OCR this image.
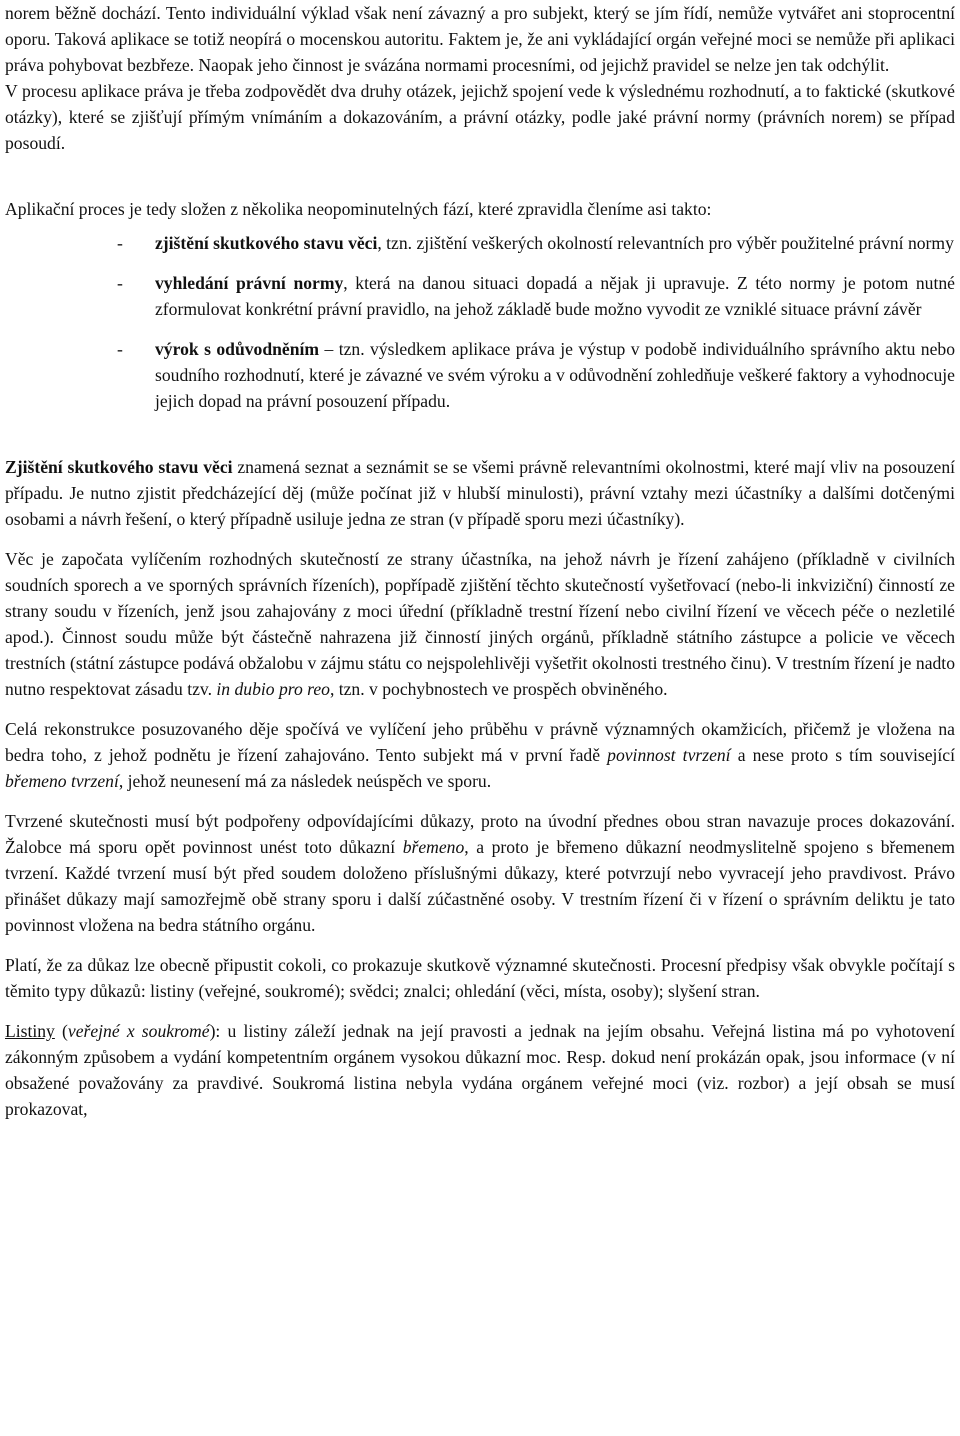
norem běžně dochází. Tento individuální výklad však není závazný a pro subjekt, který se jím řídí, nemůže vytvářet ani stoprocentní oporu. Taková aplikace se totiž neopírá o mocenskou autoritu. Faktem je, že ani vykládající orgán veřejné moci se nemůže při aplikaci práva pohybovat bezbřeze. Naopak jeho činnost je svázána normami procesními, od jejichž pravidel se nelze jen tak odchýlit.

V procesu aplikace práva je třeba zodpovědět dva druhy otázek, jejichž spojení vede k výslednému rozhodnutí, a to faktické (skutkové otázky), které se zjišťují přímým vnímáním a dokazováním, a právní otázky, podle jaké právní normy (právních norem) se případ posoudí.

Aplikační proces je tedy složen z několika neopominutelných fází, které zpravidla členíme asi takto:

- zjištění skutkového stavu věci, tzn. zjištění veškerých okolností relevantních pro výběr použitelné právní normy
- vyhledání právní normy, která na danou situaci dopadá a nějak ji upravuje. Z této normy je potom nutné zformulovat konkrétní právní pravidlo, na jehož základě bude možno vyvodit ze vzniklé situace právní závěr
- výrok s odůvodněním – tzn. výsledkem aplikace práva je výstup v podobě individuálního správního aktu nebo soudního rozhodnutí, které je závazné ve svém výroku a v odůvodnění zohledňuje veškeré faktory a vyhodnocuje jejich dopad na právní posouzení případu.

Zjištění skutkového stavu věci znamená seznat a seznámit se se všemi právně relevantními okolnostmi, které mají vliv na posouzení případu. Je nutno zjistit předcházející děj (může počínat již v hlubší minulosti), právní vztahy mezi účastníky a dalšími dotčenými osobami a návrh řešení, o který případně usiluje jedna ze stran (v případě sporu mezi účastníky).

Věc je započata vylíčením rozhodných skutečností ze strany účastníka, na jehož návrh je řízení zahájeno (příkladně v civilních soudních sporech a ve sporných správních řízeních), popřípadě zjištění těchto skutečností vyšetřovací (nebo-li inkviziční) činností ze strany soudu v řízeních, jenž jsou zahajovány z moci úřední (příkladně trestní řízení nebo civilní řízení ve věcech péče o nezletilé apod.). Činnost soudu může být částečně nahrazena již činností jiných orgánů, příkladně státního zástupce a policie ve věcech trestních (státní zástupce podává obžalobu v zájmu státu co nejspolehlivěji vyšetřit okolnosti trestného činu). V trestním řízení je nadto nutno respektovat zásadu tzv. in dubio pro reo, tzn. v pochybnostech ve prospěch obviněného.

Celá rekonstrukce posuzovaného děje spočívá ve vylíčení jeho průběhu v právně významných okamžicích, přičemž je vložena na bedra toho, z jehož podnětu je řízení zahajováno. Tento subjekt má v první řadě povinnost tvrzení a nese proto s tím související břemeno tvrzení, jehož neunesení má za následek neúspěch ve sporu.

Tvrzené skutečnosti musí být podpořeny odpovídajícími důkazy, proto na úvodní přednes obou stran navazuje proces dokazování. Žalobce má sporu opět povinnost unést toto důkazní břemeno, a proto je břemeno důkazní neodmyslitelně spojeno s břemenem tvrzení. Každé tvrzení musí být před soudem doloženo příslušnými důkazy, které potvrzují nebo vyvracejí jeho pravdivost. Právo přinášet důkazy mají samozřejmě obě strany sporu i další zúčastněné osoby. V trestním řízení či v řízení o správním deliktu je tato povinnost vložena na bedra státního orgánu.

Platí, že za důkaz lze obecně připustit cokoli, co prokazuje skutkově významné skutečnosti. Procesní předpisy však obvykle počítají s těmito typy důkazů: listiny (veřejné, soukromé); svědci; znalci; ohledání (věci, místa, osoby); slyšení stran.

Listiny (veřejné x soukromé): u listiny záleží jednak na její pravosti a jednak na jejím obsahu. Veřejná listina má po vyhotovení zákonným způsobem a vydání kompetentním orgánem vysokou důkazní moc. Resp. dokud není prokázán opak, jsou informace (v ní obsažené považovány za pravdivé. Soukromá listina nebyla vydána orgánem veřejné moci (viz. rozbor) a její obsah se musí prokazovat,
